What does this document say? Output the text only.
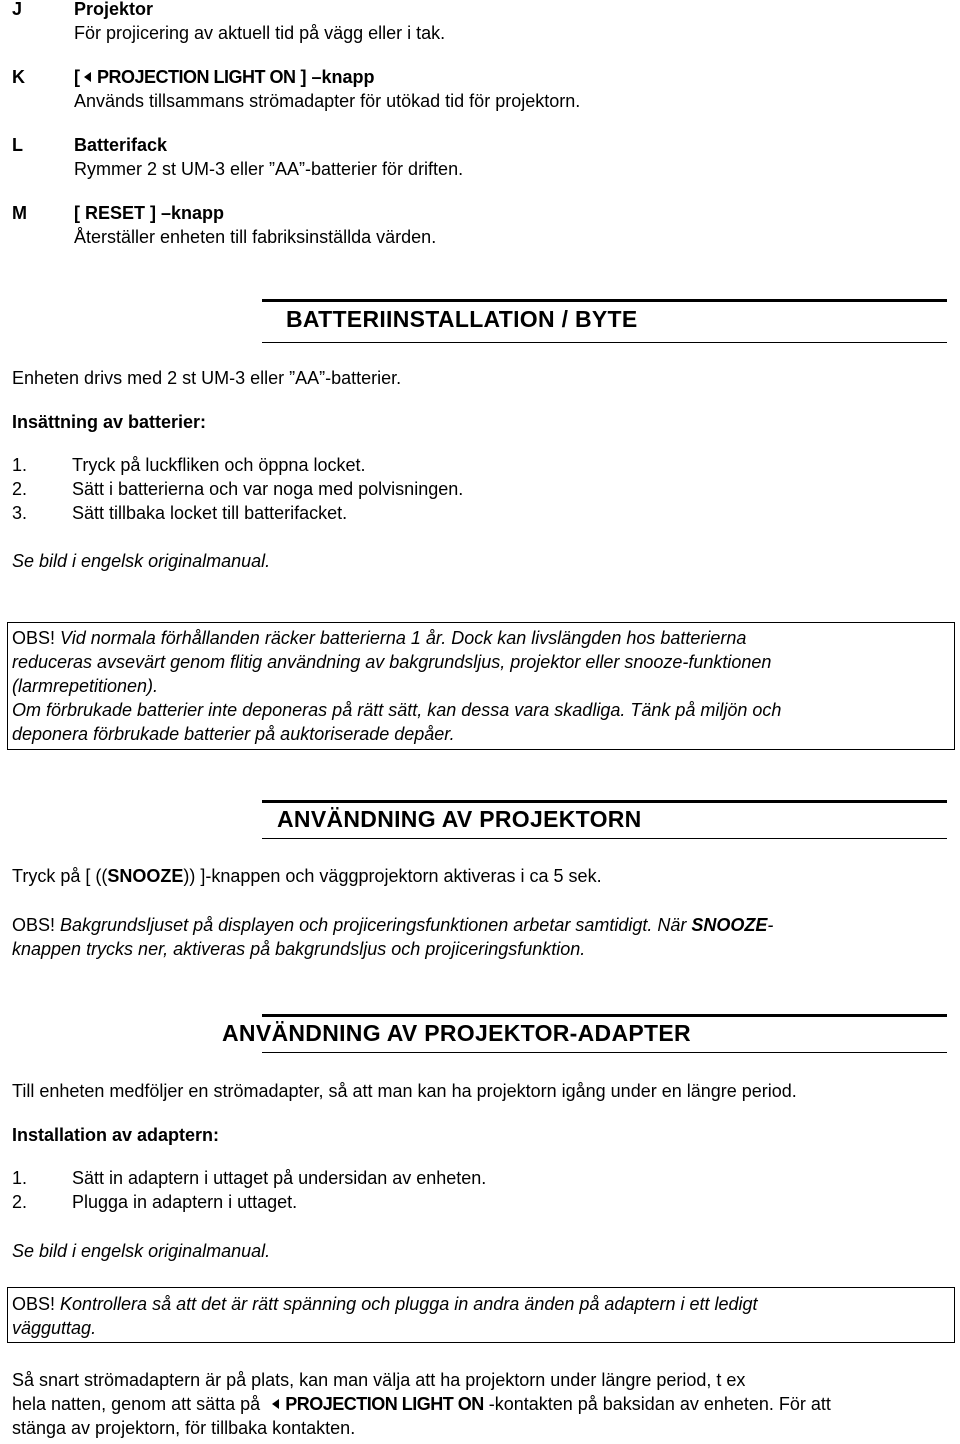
J	Projektor
För projicering av aktuell tid på vägg eller i tak.
K	[ PROJECTION LIGHT ON ] –knapp
Används tillsammans strömadapter för utökad tid för projektorn.
L	Batterifack
Rymmer 2 st UM-3 eller ”AA”-batterier för driften.
M	[ RESET ] –knapp
Återställer enheten till fabriksinställda värden.
BATTERIINSTALLATION / BYTE
Enheten drivs med 2 st UM-3 eller ”AA”-batterier.
Insättning av batterier:
1. Tryck på luckfliken och öppna locket.
2. Sätt i batterierna och var noga med polvisningen.
3. Sätt tillbaka locket till batterifacket.
Se bild i engelsk originalmanual.
OBS! Vid normala förhållanden räcker batterierna 1 år. Dock kan livslängden hos batterierna
reduceras avsevärt genom flitig användning av bakgrundsljus, projektor eller snooze-funktionen
(larmrepetitionen).
Om förbrukade batterier inte deponeras på rätt sätt, kan dessa vara skadliga. Tänk på miljön och
deponera förbrukade batterier på auktoriserade depåer.
ANVÄNDNING AV PROJEKTORN
Tryck på [ ((SNOOZE)) ]-knappen och väggprojektorn aktiveras i ca 5 sek.
OBS! Bakgrundsljuset på displayen och projiceringsfunktionen arbetar samtidigt. När SNOOZE-
knappen trycks ner, aktiveras på bakgrundsljus och projiceringsfunktion.
ANVÄNDNING AV PROJEKTOR-ADAPTER
Till enheten medföljer en strömadapter, så att man kan ha projektorn igång under en längre period.
Installation av adaptern:
1. Sätt in adaptern i uttaget på undersidan av enheten.
2. Plugga in adaptern i uttaget.
Se bild i engelsk originalmanual.
OBS! Kontrollera så att det är rätt spänning och plugga in andra änden på adaptern i ett ledigt
vägguttag.
Så snart strömadaptern är på plats, kan man välja att ha projektorn under längre period, t ex
hela natten, genom att sätta på PROJECTION LIGHT ON -kontakten på baksidan av enheten. För att
stänga av projektorn, för tillbaka kontakten.
